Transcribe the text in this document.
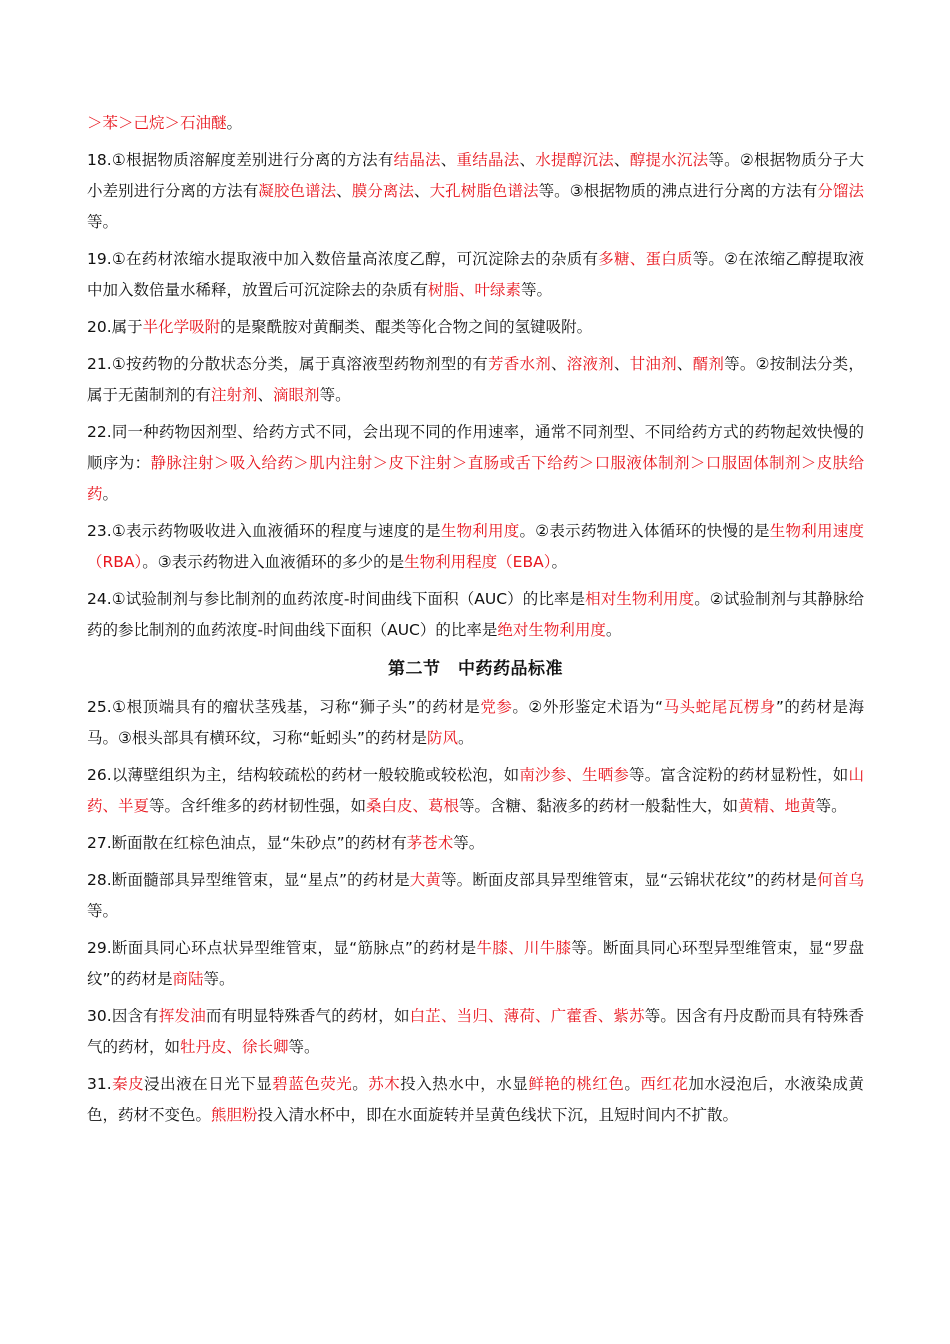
＞苯＞己烷＞石油醚。

18.①根据物质溶解度差别进行分离的方法有结晶法、重结晶法、水提醇沉法、醇提水沉法等。②根据物质分子大小差别进行分离的方法有凝胶色谱法、膜分离法、大孔树脂色谱法等。③根据物质的沸点进行分离的方法有分馏法等。

19.①在药材浓缩水提取液中加入数倍量高浓度乙醇，可沉淀除去的杂质有多糖、蛋白质等。②在浓缩乙醇提取液中加入数倍量水稀释，放置后可沉淀除去的杂质有树脂、叶绿素等。

20.属于半化学吸附的是聚酰胺对黄酮类、醌类等化合物之间的氢键吸附。

21.①按药物的分散状态分类，属于真溶液型药物剂型的有芳香水剂、溶液剂、甘油剂、醑剂等。②按制法分类，属于无菌制剂的有注射剂、滴眼剂等。

22.同一种药物因剂型、给药方式不同，会出现不同的作用速率，通常不同剂型、不同给药方式的药物起效快慢的顺序为：静脉注射＞吸入给药＞肌内注射＞皮下注射＞直肠或舌下给药＞口服液体制剂＞口服固体制剂＞皮肤给药。

23.①表示药物吸收进入血液循环的程度与速度的是生物利用度。②表示药物进入体循环的快慢的是生物利用速度（RBA）。③表示药物进入血液循环的多少的是生物利用程度（EBA）。

24.①试验制剂与参比制剂的血药浓度-时间曲线下面积（AUC）的比率是相对生物利用度。②试验制剂与其静脉给药的参比制剂的血药浓度-时间曲线下面积（AUC）的比率是绝对生物利用度。

第二节　中药药品标准

25.①根顶端具有的瘤状茎残基，习称“狮子头”的药材是党参。②外形鉴定术语为“马头蛇尾瓦楞身”的药材是海马。③根头部具有横环纹，习称“蚯蚓头”的药材是防风。

26.以薄壁组织为主，结构较疏松的药材一般较脆或较松泡，如南沙参、生晒参等。富含淀粉的药材显粉性，如山药、半夏等。含纤维多的药材韧性强，如桑白皮、葛根等。含糖、黏液多的药材一般黏性大，如黄精、地黄等。

27.断面散在红棕色油点，显“朱砂点”的药材有茅苍术等。

28.断面髓部具异型维管束，显“星点”的药材是大黄等。断面皮部具异型维管束，显“云锦状花纹”的药材是何首乌等。

29.断面具同心环点状异型维管束，显“筋脉点”的药材是牛膝、川牛膝等。断面具同心环型异型维管束，显“罗盘纹”的药材是商陆等。

30.因含有挥发油而有明显特殊香气的药材，如白芷、当归、薄荷、广藿香、紫苏等。因含有丹皮酚而具有特殊香气的药材，如牡丹皮、徐长卿等。

31.秦皮浸出液在日光下显碧蓝色荧光。苏木投入热水中，水显鲜艳的桃红色。西红花加水浸泡后，水液染成黄色，药材不变色。熊胆粉投入清水杯中，即在水面旋转并呈黄色线状下沉，且短时间内不扩散。
